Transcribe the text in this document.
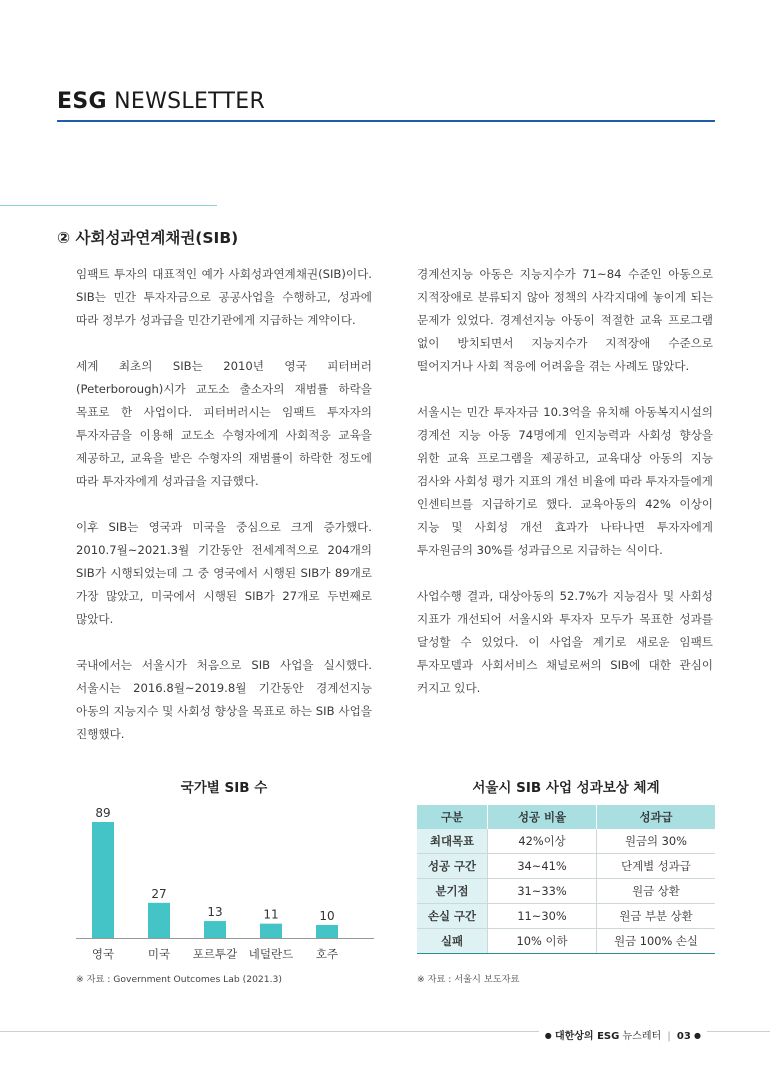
ESG NEWSLETTER
② 사회성과연계채권(SIB)

임팩트 투자의 대표적인 예가 사회성과연계채권(SIB)이다. SIB는 민간 투자자금으로 공공사업을 수행하고, 성과에 따라 정부가 성과급을 민간기관에게 지급하는 계약이다.

세계 최초의 SIB는 2010년 영국 피터버러(Peterborough)시가 교도소 출소자의 재범률 하락을 목표로 한 사업이다. 피터버러시는 임팩트 투자자의 투자자금을 이용해 교도소 수형자에게 사회적응 교육을 제공하고, 교육을 받은 수형자의 재범률이 하락한 정도에 따라 투자자에게 성과급을 지급했다.

이후 SIB는 영국과 미국을 중심으로 크게 증가했다. 2010.7월~2021.3월 기간동안 전세계적으로 204개의 SIB가 시행되었는데 그 중 영국에서 시행된 SIB가 89개로 가장 많았고, 미국에서 시행된 SIB가 27개로 두번째로 많았다.

국내에서는 서울시가 처음으로 SIB 사업을 실시했다. 서울시는 2016.8월~2019.8월 기간동안 경계선지능 아동의 지능지수 및 사회성 향상을 목표로 하는 SIB 사업을 진행했다.

경계선지능 아동은 지능지수가 71~84 수준인 아동으로 지적장애로 분류되지 않아 정책의 사각지대에 놓이게 되는 문제가 있었다. 경계선지능 아동이 적절한 교육 프로그램 없이 방치되면서 지능지수가 지적장애 수준으로 떨어지거나 사회 적응에 어려움을 겪는 사례도 많았다.

서울시는 민간 투자자금 10.3억을 유치해 아동복지시설의 경계선 지능 아동 74명에게 인지능력과 사회성 향상을 위한 교육 프로그램을 제공하고, 교육대상 아동의 지능 검사와 사회성 평가 지표의 개선 비율에 따라 투자자들에게 인센티브를 지급하기로 했다. 교육아동의 42% 이상이 지능 및 사회성 개선 효과가 나타나면 투자자에게 투자원금의 30%를 성과급으로 지급하는 식이다.

사업수행 결과, 대상아동의 52.7%가 지능검사 및 사회성 지표가 개선되어 서울시와 투자자 모두가 목표한 성과를 달성할 수 있었다. 이 사업을 계기로 새로운 임팩트 투자모델과 사회서비스 채널로써의 SIB에 대한 관심이 커지고 있다.

국가별 SIB 수
89
영국
27
미국
13
포르투갈
11
네덜란드
10
호주
※ 자료 : Government Outcomes Lab (2021.3)
서울시 SIB 사업 성과보상 체계
구분	성공 비율	성과급
최대목표	42%이상	원금의 30%
성공 구간	34~41%	단계별 성과급
분기점	31~33%	원금 상환
손실 구간	11~30%	원금 부분 상환
실패	10% 이하	원금 100% 손실
※ 자료 : 서울시 보도자료
● 대한상의 ESG 뉴스레터 | 03 ●
